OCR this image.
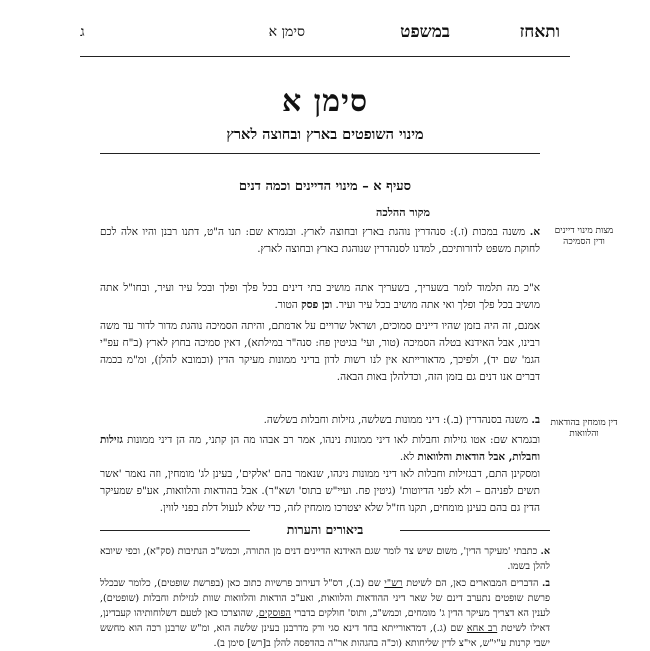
ותאחז
במשפט
סימן א
ג
סימן א
מינוי השופטים בארץ ובחוצה לארץ
סעיף א – מינוי הדיינים וכמה דנים
מקור ההלכה
מצות מינוי דיינים ודין הסמיכה
דין מומחין בהודאות והלוואות
א. משנה במכות (ז.): סנהדרין נוהגת בארץ ובחוצה לארץ. ובגמרא שם: תנו ה"ט, דתנו רבנן והיו אלה לכם לחוקת משפט לדורותיכם, למדנו לסנהדרין שנוהגת בארץ ובחוצה לארץ.
א"כ מה תלמוד לומר בשעריך, בשעריך אתה מושיב בתי דינים בכל פלך ופלך ובכל עיר ועיר, ובחו"ל אתה מושיב בכל פלך ופלך ואי אתה מושיב בכל עיר ועיר. וכן פסק הטור.
אמנם, זה היה בזמן שהיו דיינים סמוכים, ושראל שרויים על אדמתם, והיתה הסמיכה נוהגת מדור לדור עד משה רבינו, אבל האידנא בטלה הסמיכה (טור, ועי' בגיטין פח: סנה"ר במילתא), דאין סמיכה בחוץ לארץ (ב"ח עפ"י הגמ' שם יד), ולפיכך, מדאורייתא אין לנו רשות לדון בדיני ממונות מעיקר הדין (וכמובא להלן), ומ"מ בכמה דברים אנו דנים גם בזמן הזה, וכדלהלן באות הבאה.
ב. משנה בסנהדרין (ב.): דיני ממונות בשלשה, גזילות וחבלות בשלשה.
ובגמרא שם: אטו גזילות וחבלות לאו דיני ממונות נינהו, אמר רב אבהו מה הן קתני, מה הן דיני ממונות גזילות וחבלות, אבל הודאות והלוואות לא.
ומסקינן התם, דבגזילות וחבלות לאו דיני ממונות ניגהו, שנאמר בהם 'אלקים', בעינן לג' מומחין, וזה נאמר 'אשר תשים לפניהם – ולא לפני הדיוטות' (גיטין פח. ועיי"ש בתוס' ושא"ר). אבל בהודאות והלוואות, אע"פ שמעיקר הדין גם בהם בעינן מומחים, תקנו חז"ל שלא יצטרכו מומחין לזה, כדי שלא לנעול דלת בפני לווין.
ביאורים והערות
א. כתבתי 'מעיקר הדין', משום שיש צד לומר שגם האידנא הדיינים דנים מן התורה, וכמש"כ הנתיבות (סק"א), וכפי שיובא להלן בשמו.
ב. הדברים המבוארים כאן, הם לשיטת רש"י שם (ב.), דס"ל דעירוב פרשיות כתוב כאן (בפרשת שופטים), כלומר שבכלל פרשת שופטים נתערב דינם של שאר דיני ההודאות והלוואות, ואע"כ הודאות והלוואות שוות לגזילות וחבלות (שופטים), לענין הא דצריך מעיקר הדין ג' מומחים, וכמש"כ, ותוס' חולקים בדברי הפוסקים, שהוצרכו כאן לטעם דשלוחותיהו קעבדינן, דאילו לשיטת רב אחא שם (ג.), דמדאורייתא בחד דינא סגי ורק מדרבנן בעינן שלשה הוא, ומ"ש שרבנן רכה הוא מחשש ישבי קרנות ע"י"ש, אי"צ לדין שליחותא (וכ"ה בהגהות אר"ה בהדפסה להלן ב[רש] סימן ב).
